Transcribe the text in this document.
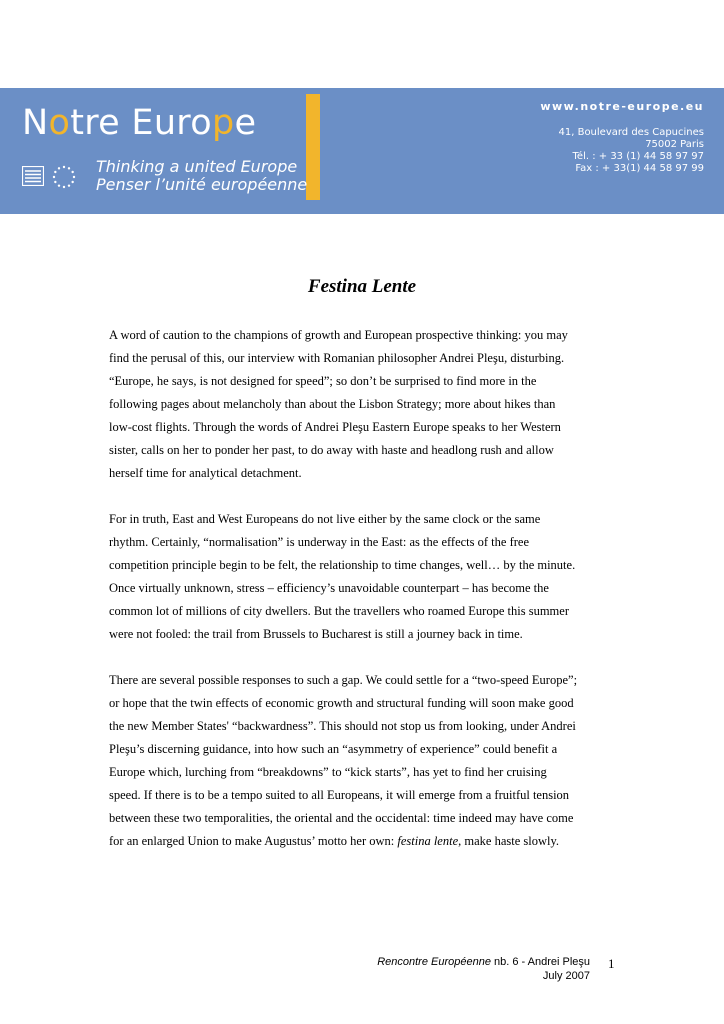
Notre Europe
Thinking a united Europe
Penser l’unité européenne
www.notre-europe.eu
41, Boulevard des Capucines
75002 Paris
Tél. : + 33 (1) 44 58 97 97
Fax : + 33(1) 44 58 97 99
Festina Lente

A word of caution to the champions of growth and European prospective thinking: you may
find the perusal of this, our interview with Romanian philosopher Andrei Pleşu, disturbing.
“Europe, he says, is not designed for speed”; so don’t be surprised to find more in the
following pages about melancholy than about the Lisbon Strategy; more about hikes than
low-cost flights. Through the words of Andrei Pleşu Eastern Europe speaks to her Western
sister, calls on her to ponder her past, to do away with haste and headlong rush and allow
herself time for analytical detachment.

For in truth, East and West Europeans do not live either by the same clock or the same
rhythm. Certainly, “normalisation” is underway in the East: as the effects of the free
competition principle begin to be felt, the relationship to time changes, well… by the minute.
Once virtually unknown, stress – efficiency’s unavoidable counterpart – has become the
common lot of millions of city dwellers. But the travellers who roamed Europe this summer
were not fooled: the trail from Brussels to Bucharest is still a journey back in time.

There are several possible responses to such a gap. We could settle for a “two-speed Europe”;
or hope that the twin effects of economic growth and structural funding will soon make good
the new Member States' “backwardness”. This should not stop us from looking, under Andrei
Pleşu’s discerning guidance, into how such an “asymmetry of experience” could benefit a
Europe which, lurching from “breakdowns” to “kick starts”, has yet to find her cruising
speed. If there is to be a tempo suited to all Europeans, it will emerge from a fruitful tension
between these two temporalities, the oriental and the occidental: time indeed may have come
for an enlarged Union to make Augustus’ motto her own: festina lente, make haste slowly.

Rencontre Européenne nb. 6 - Andrei Pleşu
July 2007
1
